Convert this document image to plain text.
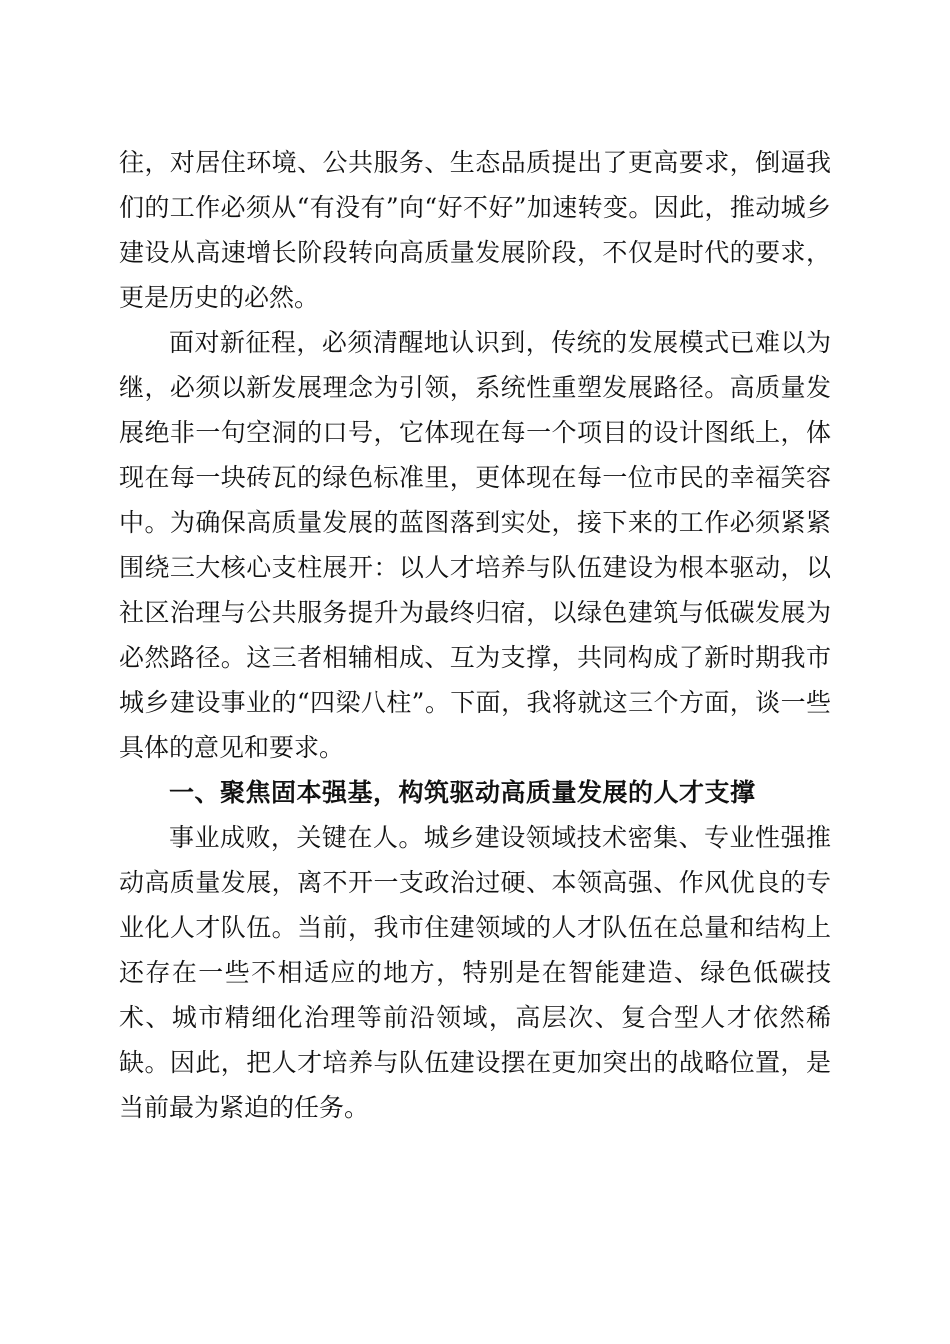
往，对居住环境、公共服务、生态品质提出了更高要求，倒逼我们的工作必须从“有没有”向“好不好”加速转变。因此，推动城乡建设从高速增长阶段转向高质量发展阶段，不仅是时代的要求，更是历史的必然。

面对新征程，必须清醒地认识到，传统的发展模式已难以为继，必须以新发展理念为引领，系统性重塑发展路径。高质量发展绝非一句空洞的口号，它体现在每一个项目的设计图纸上，体现在每一块砖瓦的绿色标准里，更体现在每一位市民的幸福笑容中。为确保高质量发展的蓝图落到实处，接下来的工作必须紧紧围绕三大核心支柱展开：以人才培养与队伍建设为根本驱动，以社区治理与公共服务提升为最终归宿，以绿色建筑与低碳发展为必然路径。这三者相辅相成、互为支撑，共同构成了新时期我市城乡建设事业的“四梁八柱”。下面，我将就这三个方面，谈一些具体的意见和要求。

一、聚焦固本强基，构筑驱动高质量发展的人才支撑

事业成败，关键在人。城乡建设领域技术密集、专业性强推动高质量发展，离不开一支政治过硬、本领高强、作风优良的专业化人才队伍。当前，我市住建领域的人才队伍在总量和结构上还存在一些不相适应的地方，特别是在智能建造、绿色低碳技术、城市精细化治理等前沿领域，高层次、复合型人才依然稀缺。因此，把人才培养与队伍建设摆在更加突出的战略位置，是当前最为紧迫的任务。
